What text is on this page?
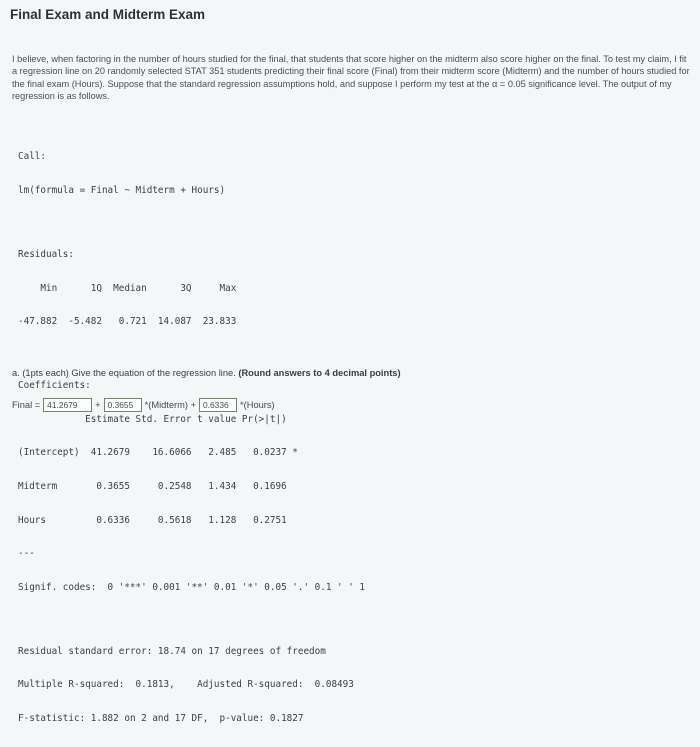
Final Exam and Midterm Exam
I believe, when factoring in the number of hours studied for the final, that students that score higher on the midterm also score higher on the final. To test my claim, I fit a regression line on 20 randomly selected STAT 351 students predicting their final score (Final) from their midterm score (Midterm) and the number of hours studied for the final exam (Hours). Suppose that the standard regression assumptions hold, and suppose I perform my test at the α = 0.05 significance level. The output of my regression is as follows.

Call:

lm(formula = Final ~ Midterm + Hours)

Residuals:

Min      1Q  Median      3Q     Max

-47.882  -5.482   0.721  14.087  23.833

Coefficients:

Estimate Std. Error t value Pr(>|t|)

(Intercept)  41.2679    16.6066   2.485   0.0237 *

Midterm       0.3655     0.2548   1.434   0.1696

Hours         0.6336     0.5618   1.128   0.2751

---

Signif. codes:  0 '***' 0.001 '**' 0.01 '*' 0.05 '.' 0.1 ' ' 1

Residual standard error: 18.74 on 17 degrees of freedom

Multiple R-squared:  0.1813,    Adjusted R-squared:  0.08493

F-statistic: 1.882 on 2 and 17 DF,  p-value: 0.1827

a. (1pts each) Give the equation of the regression line. (Round answers to 4 decimal points)
Final = 41.2679	+ 0.3655	*(Midterm) + 0.6336	*(Hours)
